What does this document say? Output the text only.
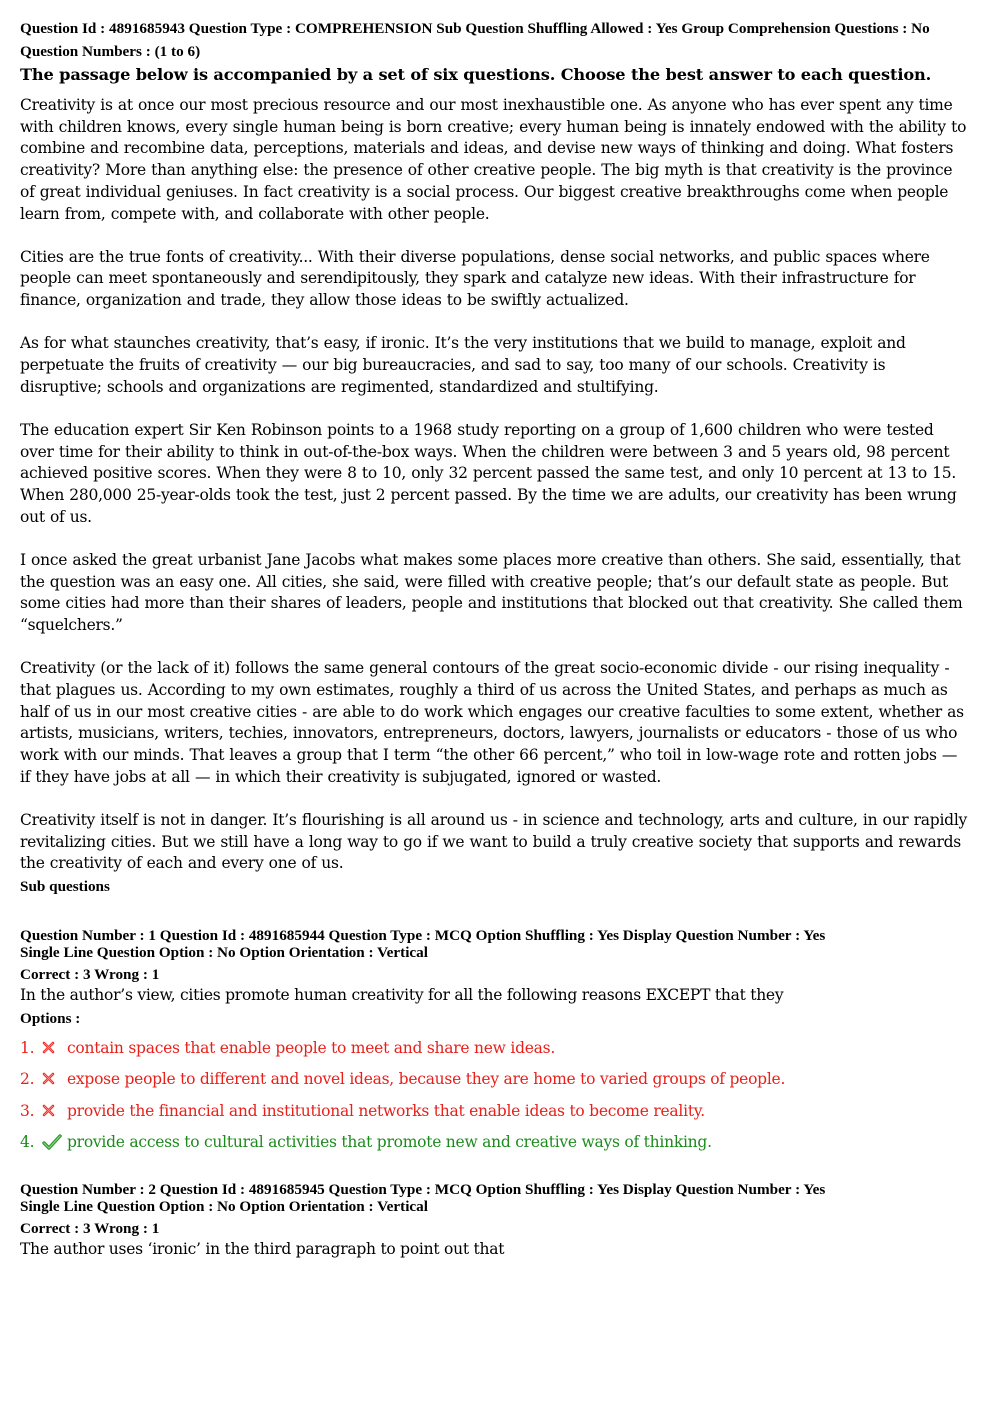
Question Id : 4891685943 Question Type : COMPREHENSION Sub Question Shuffling Allowed : Yes Group Comprehension Questions : No
Question Numbers : (1 to 6)
The passage below is accompanied by a set of six questions. Choose the best answer to each question.

Creativity is at once our most precious resource and our most inexhaustible one. As anyone who has ever spent any time with children knows, every single human being is born creative; every human being is innately endowed with the ability to combine and recombine data, perceptions, materials and ideas, and devise new ways of thinking and doing. What fosters creativity? More than anything else: the presence of other creative people. The big myth is that creativity is the province of great individual geniuses. In fact creativity is a social process. Our biggest creative breakthroughs come when people learn from, compete with, and collaborate with other people.

Cities are the true fonts of creativity... With their diverse populations, dense social networks, and public spaces where people can meet spontaneously and serendipitously, they spark and catalyze new ideas. With their infrastructure for finance, organization and trade, they allow those ideas to be swiftly actualized.

As for what staunches creativity, that’s easy, if ironic. It’s the very institutions that we build to manage, exploit and perpetuate the fruits of creativity — our big bureaucracies, and sad to say, too many of our schools. Creativity is disruptive; schools and organizations are regimented, standardized and stultifying.

The education expert Sir Ken Robinson points to a 1968 study reporting on a group of 1,600 children who were tested over time for their ability to think in out-of-the-box ways. When the children were between 3 and 5 years old, 98 percent achieved positive scores. When they were 8 to 10, only 32 percent passed the same test, and only 10 percent at 13 to 15. When 280,000 25-year-olds took the test, just 2 percent passed. By the time we are adults, our creativity has been wrung out of us.

I once asked the great urbanist Jane Jacobs what makes some places more creative than others. She said, essentially, that the question was an easy one. All cities, she said, were filled with creative people; that’s our default state as people. But some cities had more than their shares of leaders, people and institutions that blocked out that creativity. She called them “squelchers.”

Creativity (or the lack of it) follows the same general contours of the great socio-economic divide - our rising inequality - that plagues us. According to my own estimates, roughly a third of us across the United States, and perhaps as much as half of us in our most creative cities - are able to do work which engages our creative faculties to some extent, whether as artists, musicians, writers, techies, innovators, entrepreneurs, doctors, lawyers, journalists or educators - those of us who work with our minds. That leaves a group that I term “the other 66 percent,” who toil in low-wage rote and rotten jobs — if they have jobs at all — in which their creativity is subjugated, ignored or wasted.

Creativity itself is not in danger. It’s flourishing is all around us - in science and technology, arts and culture, in our rapidly revitalizing cities. But we still have a long way to go if we want to build a truly creative society that supports and rewards the creativity of each and every one of us.

Sub questions
Question Number : 1 Question Id : 4891685944 Question Type : MCQ Option Shuffling : Yes Display Question Number : Yes
Single Line Question Option : No Option Orientation : Vertical
Correct : 3 Wrong : 1
In the author’s view, cities promote human creativity for all the following reasons EXCEPT that they
Options :
1.	contain spaces that enable people to meet and share new ideas.
2.	expose people to different and novel ideas, because they are home to varied groups of people.
3.	provide the financial and institutional networks that enable ideas to become reality.
4.	provide access to cultural activities that promote new and creative ways of thinking.
Question Number : 2 Question Id : 4891685945 Question Type : MCQ Option Shuffling : Yes Display Question Number : Yes
Single Line Question Option : No Option Orientation : Vertical
Correct : 3 Wrong : 1
The author uses ‘ironic’ in the third paragraph to point out that
